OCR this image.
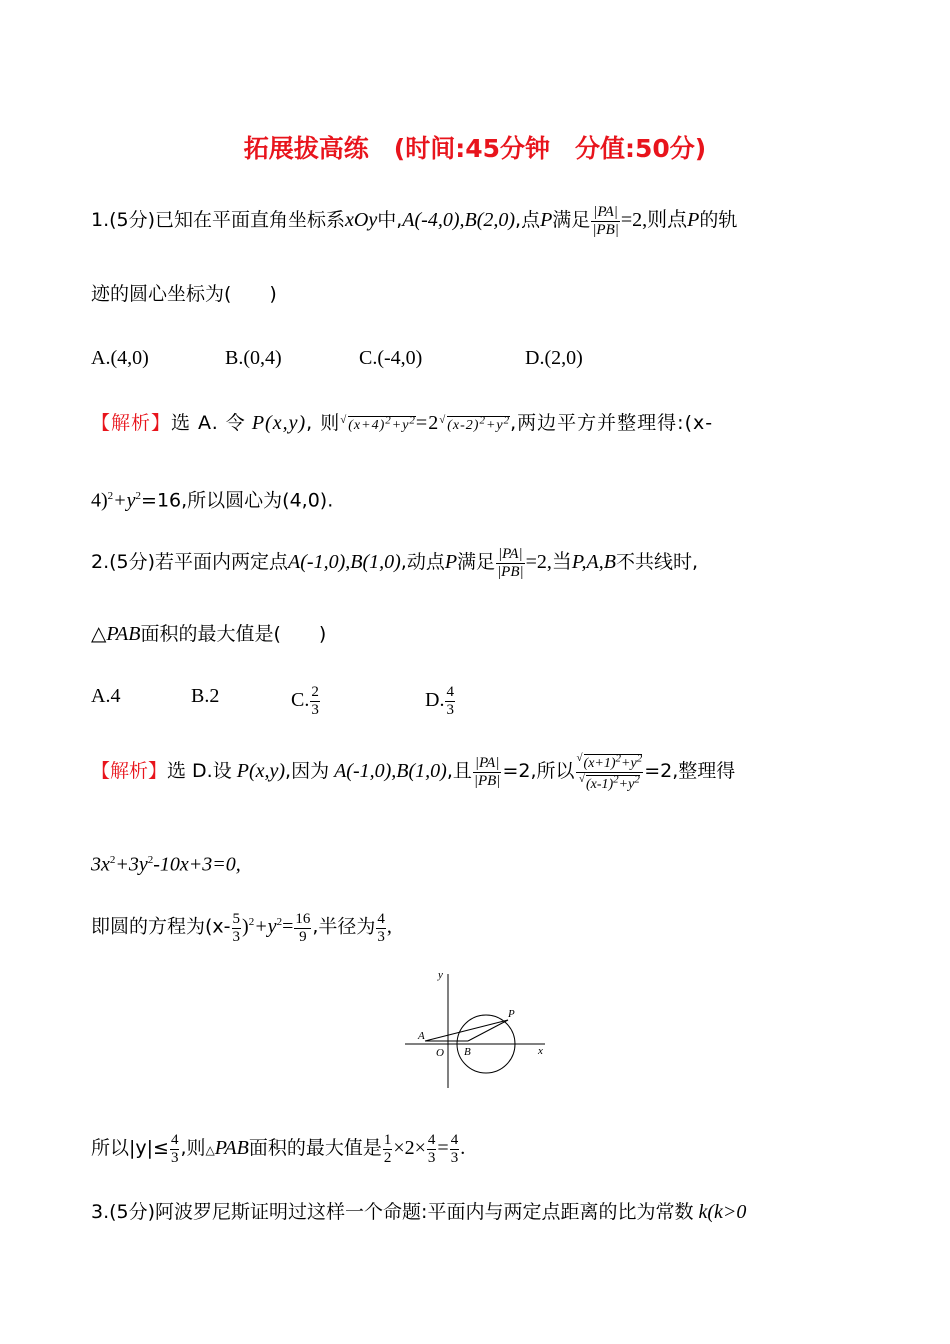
拓展拔高练　(时间:45分钟　分值:50分)
1.(5分)已知在平面直角坐标系xOy中,A(-4,0),B(2,0),点P满足 $\frac{|PA|}{|PB|} =2$,则点P的轨
迹的圆心坐标为(　　)
A.(4,0)	B.(0,4)	C.(-4,0)	D.(2,0)
【解析】选 A. 令 P(x,y), 则$^√(x+4)^2+y^2=2^√(x-2)^2+y^2$,两边平方并整理得:(x-
$4)^2+y^2=16$,所以圆心为(4,0).
2.(5分)若平面内两定点A(-1,0),B(1,0),动点P满足 $\frac{|PA|}{|PB|} =2$,当P,A,B不共线时,
△PAB面积的最大值是(　　)
A.4	B.2	C. $\frac{2}{3}$	D. $\frac{4}{3}$
【解析】选 D.设 P(x,y),因为 A(-1,0),B(1,0),且 $\frac{|PA|}{|PB|} =2$,所以 $\frac{^√(x+1)^2+y^2}{^√(x-1)^2+y^2} =2$,整理得
$3x^2+3y^2-10x+3=0$,
即圆的方程为$(x- \frac{5}{3} )^2+y^2= \frac{16}{9}$ ,半径为 $\frac{4}{3}$ ,
y
x
O
A
B
P
所以$|y|\le \frac{4}{3}$ ,则△PAB面积的最大值是 $\frac{1}{2} \times 2\times \frac{4}{3} = \frac{4}{3}$ .
3.(5分)阿波罗尼斯证明过这样一个命题:平面内与两定点距离的比为常数 k(k>0
